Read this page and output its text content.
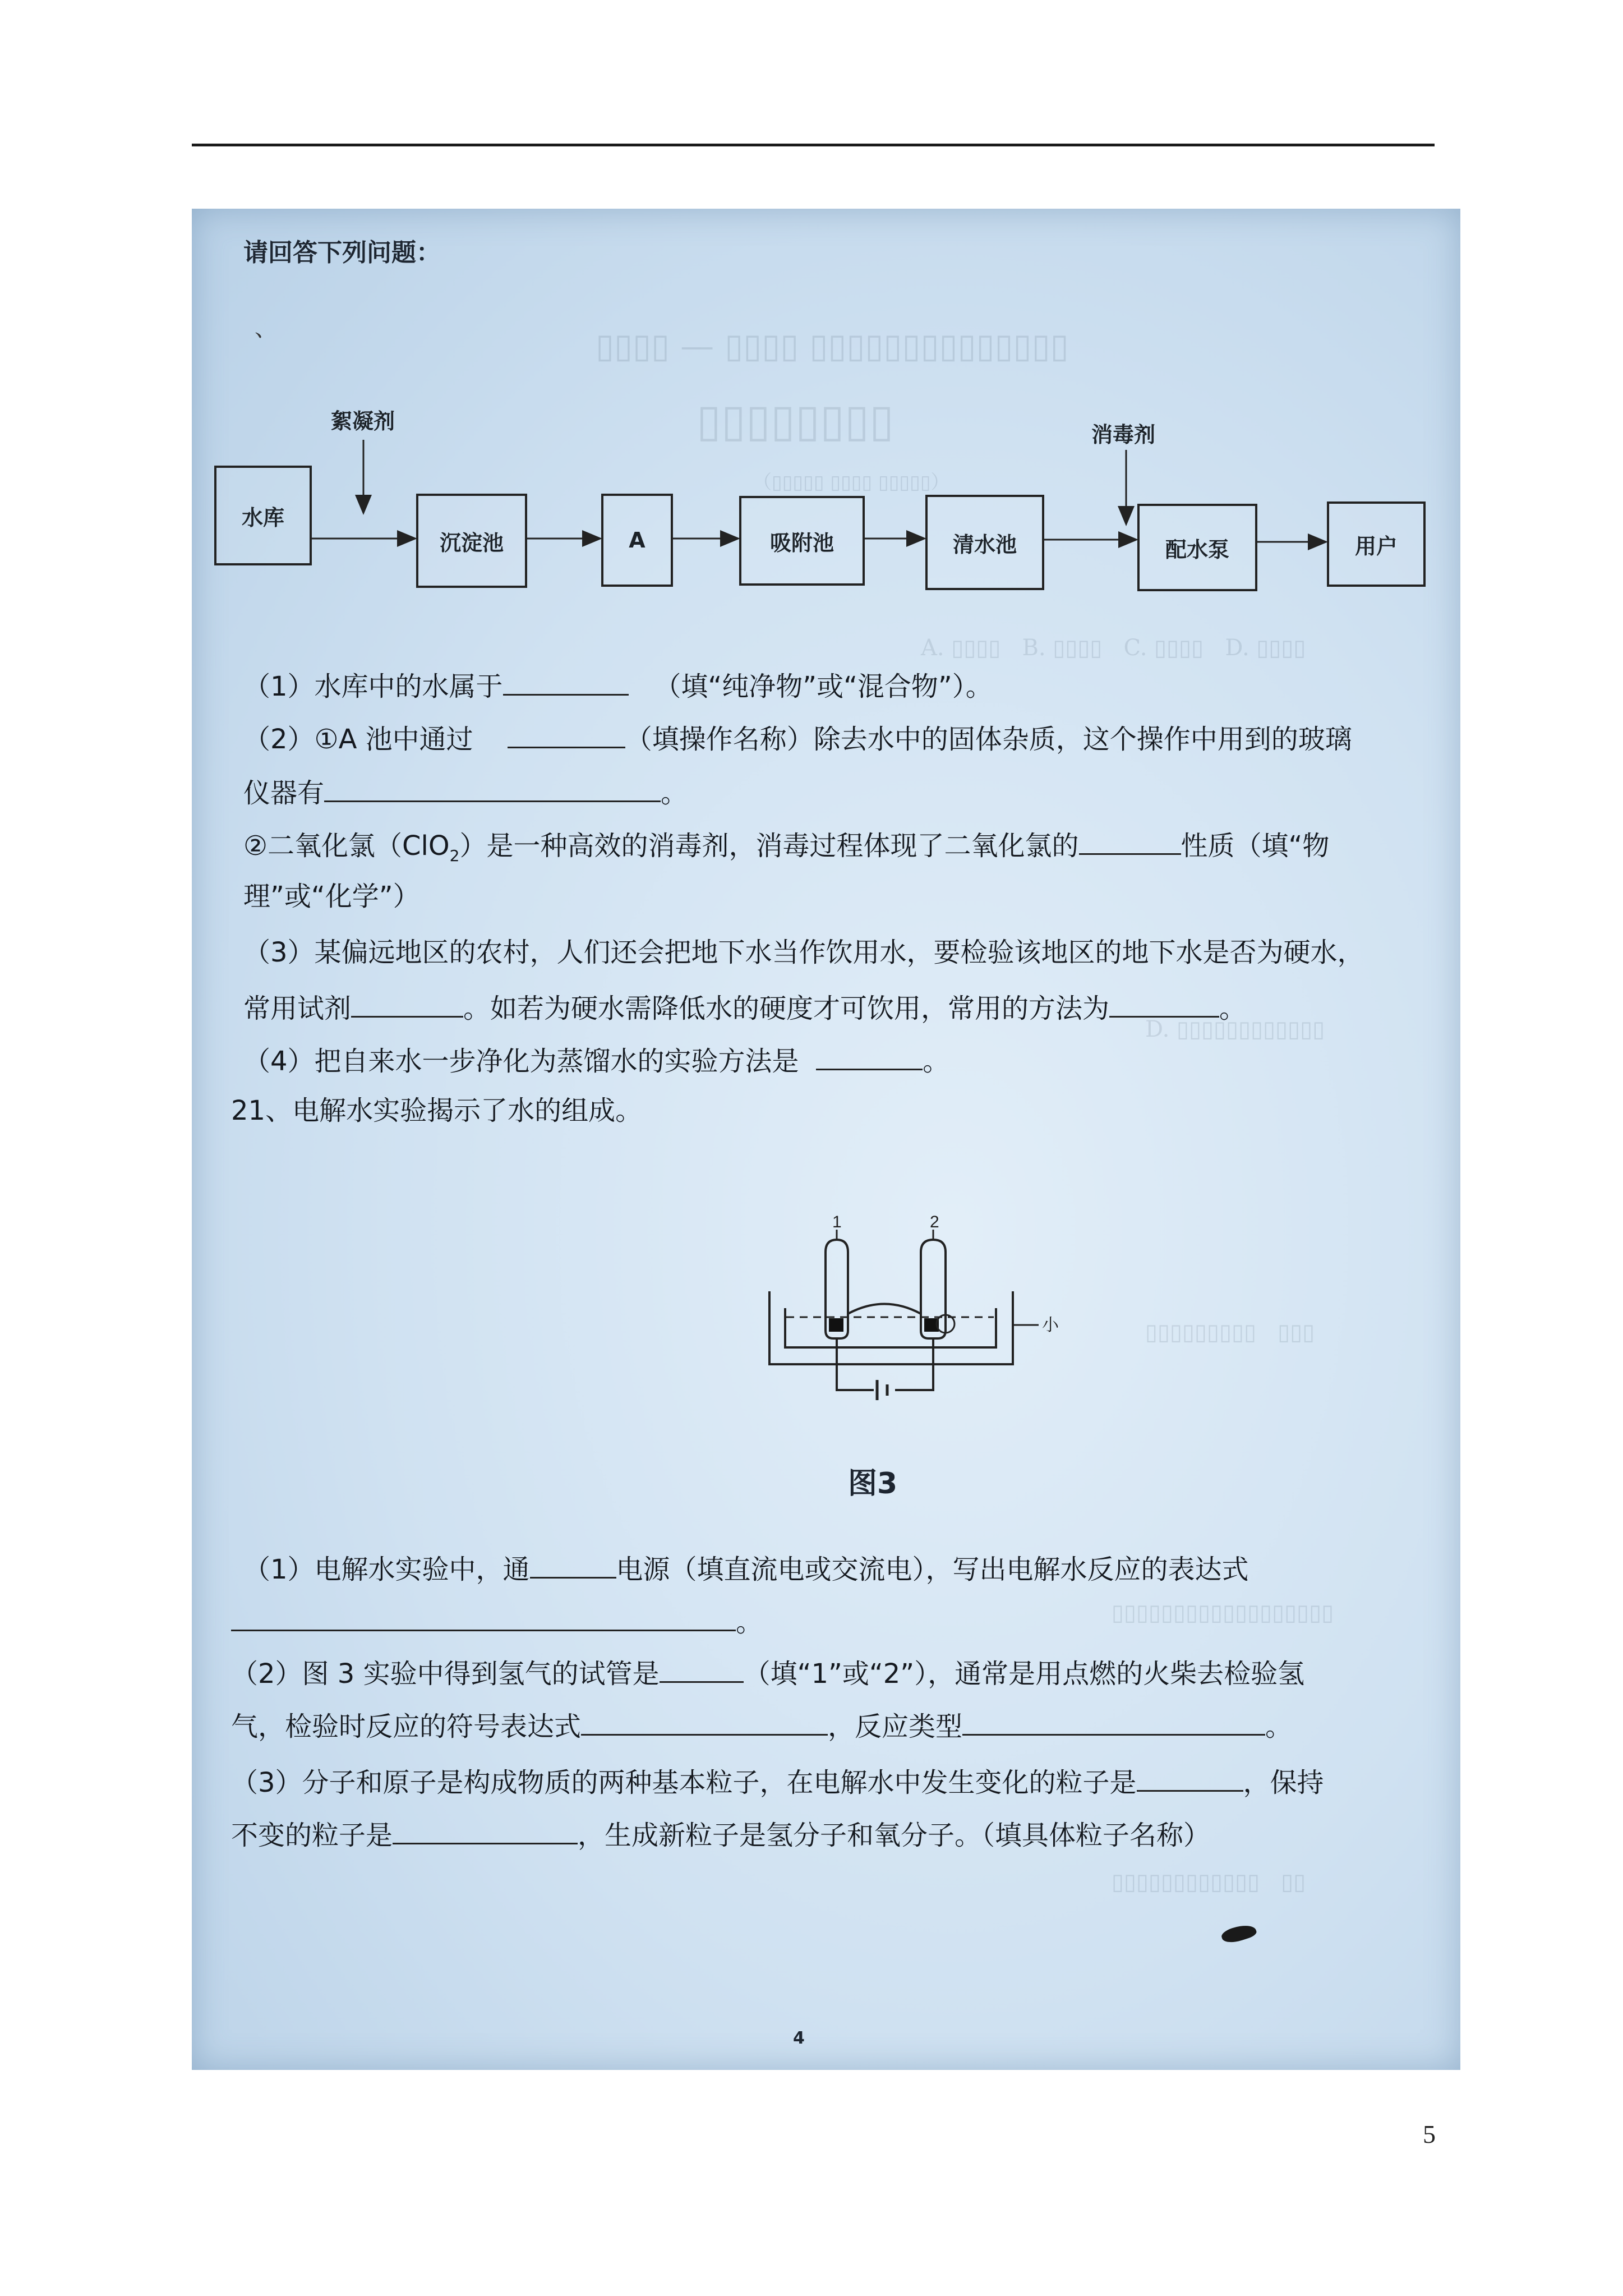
▯▯▯▯ — ▯▯▯▯ ▯▯▯▯▯▯▯▯▯▯▯▯▯▯
▯▯▯▯▯▯▯▯
（▯▯▯▯▯ ▯▯▯▯ ▯▯▯▯▯）
A. ▯▯▯▯   B. ▯▯▯▯   C. ▯▯▯▯   D. ▯▯▯▯
D. ▯▯▯▯▯▯▯▯▯▯▯▯
▯▯▯▯▯▯▯▯▯   ▯▯▯
▯▯▯▯▯▯▯▯▯▯▯▯▯▯▯▯▯▯
▯▯▯▯▯▯▯▯▯▯▯▯   ▯▯
请回答下列问题：
、
絮凝剂
消毒剂
水库
沉淀池	A	吸附池	清水池	配水泵	用户
（1）水库中的水属于	（填“纯净物”或“混合物”）。
（2）①A 池中通过	（填操作名称）除去水中的固体杂质，这个操作中用到的玻璃
仪器有	。
②二氧化氯（ClO$_2$）是一种高效的消毒剂，消毒过程体现了二氧化氯的	性质（填“物
理”或“化学”）
（3）某偏远地区的农村，人们还会把地下水当作饮用水，要检验该地区的地下水是否为硬水，
常用试剂	。如若为硬水需降低水的硬度才可饮用，常用的方法为	。
（4）把自来水一步净化为蒸馏水的实验方法是	。
21、电解水实验揭示了水的组成。
1	2
小
图3
（1）电解水实验中，通	电源（填直流电或交流电），写出电解水反应的表达式
。
（2）图 3 实验中得到氢气的试管是	（填“1”或“2”），通常是用点燃的火柴去检验氢
气，检验时反应的符号表达式	，反应类型	。
（3）分子和原子是构成物质的两种基本粒子，在电解水中发生变化的粒子是	，保持
不变的粒子是	，生成新粒子是氢分子和氧分子。（填具体粒子名称）
4
5
